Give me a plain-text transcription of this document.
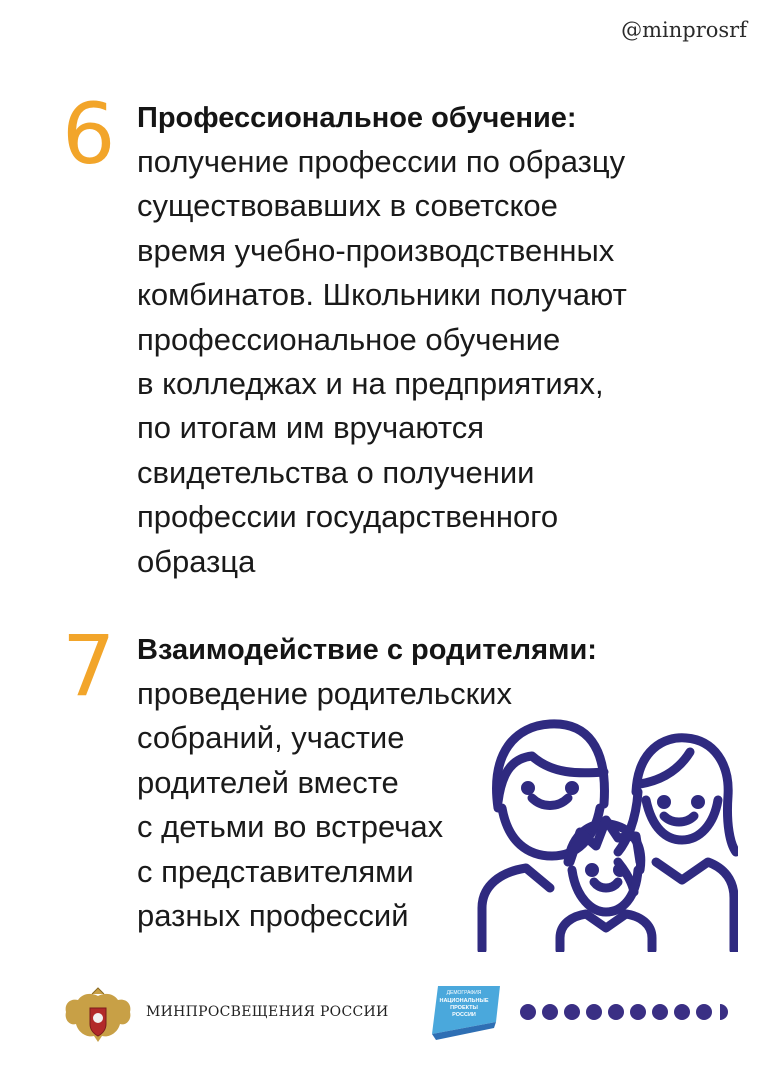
@minprosrf
6 Профессиональное обучение:
получение профессии по образцу
существовавших в советское
время учебно-производственных
комбинатов. Школьники получают
профессиональное обучение
в колледжах и на предприятиях,
по итогам им вручаются
свидетельства о получении
профессии государственного
образца
7 Взаимодействие с родителями:
проведение родительских
собраний, участие
родителей вместе
с детьми во встречах
с представителями
разных профессий
МИНПРОСВЕЩЕНИЯ РОССИИ
ДЕМОГРАФИЯ
НАЦИОНАЛЬНЫЕ
ПРОЕКТЫ
РОССИИ
